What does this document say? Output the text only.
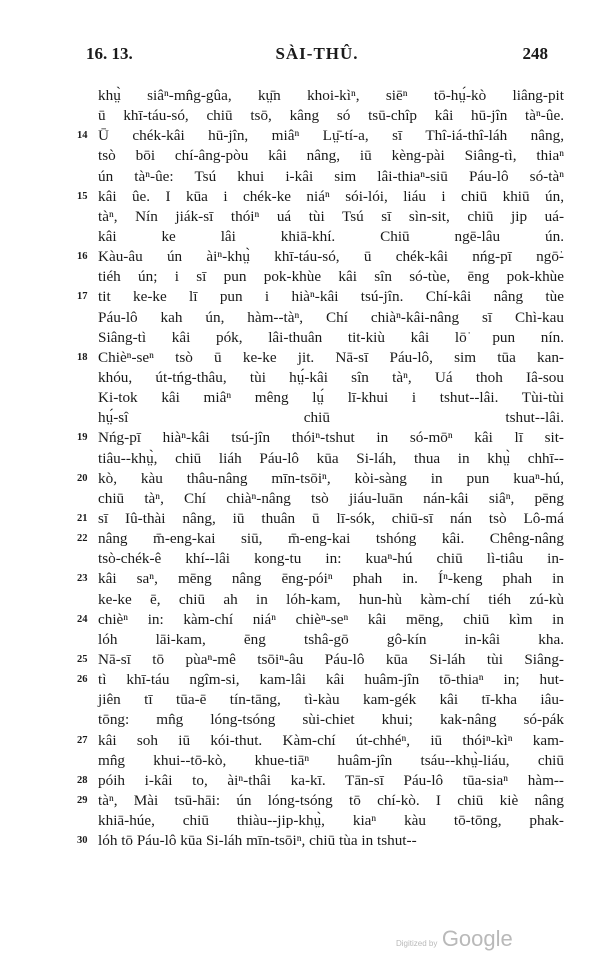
16. 13.	SÀI-THÛ.	248
khṳ̀ siâⁿ-mn̂g-gûa, kṳ̄n khoi-kìⁿ, siēⁿ tō-hṳ́-kò liâng-pit
ū khī-táu-só, chiū tsō, kâng só tsū-chîp kâi hū-jîn tàⁿ-ûe.
14 Ū chék-kâi hū-jîn, miâⁿ Lṳ̄-tí-a, sī Thî-iá-thî-láh nâng,
tsò bōi chí-âng-pòu kâi nâng, iū kèng-pài Siâng-tì, thiaⁿ
ún tàⁿ-ûe: Tsú khui i-kâi sim lâi-thiaⁿ-siū Páu-lô só-tàⁿ
15 kâi ûe. I kūa i chék-ke niáⁿ sói-lói, liáu i chiū khiū ún,
tàⁿ, Nín jiák-sī thóiⁿ uá tùi Tsú sī sìn-sit, chiū jip uá-
kâi ke lâi khiā-khí. Chiū ngē-lâu ún.
16 Kàu-âu ún àiⁿ-khṳ̀ khī-táu-só, ū chék-kâi nńg-pī ngō͘-
tiéh ún; i sī pun pok-khùe kâi sîn só-tùe, ēng pok-khùe
17 tit ke-ke lī pun i hiàⁿ-kâi tsú-jîn. Chí-kâi nâng tùe
Páu-lô kah ún, hàm--tàⁿ, Chí chiàⁿ-kâi-nâng sī Chì-kau
Siâng-tì kâi pók, lâi-thuân tit-kiù kâi lō͘ pun nín.
18 Chièⁿ-seⁿ tsò ū ke-ke jit. Nā-sī Páu-lô, sim tūa kan-
khóu, út-tńg-thâu, tùi hṳ́-kâi sîn tàⁿ, Uá thoh Iâ-sou
Ki-tok kâi miâⁿ mêng lṳ́ lī-khui i tshut--lâi. Tùi-tùi
hṳ́-sî chiū tshut--lâi.
19 Nńg-pī hiàⁿ-kâi tsú-jîn thóiⁿ-tshut in só-mōⁿ kâi lī sit-
tiâu--khṳ̀, chiū liáh Páu-lô kūa Si-láh, thua in khṳ̀ chhī--
20 kò, kàu thâu-nâng mīn-tsōiⁿ, kòi-sàng in pun kuaⁿ-hú,
chiū tàⁿ, Chí chiàⁿ-nâng tsò jiáu-luān nán-kâi siâⁿ, pēng
21 sī Iû-thài nâng, iū thuân ū lī-sók, chiū-sī nán tsò Lô-má
22 nâng m̄-eng-kai siū, m̄-eng-kai tshóng kâi. Chêng-nâng
tsò-chék-ê khí--lâi kong-tu in: kuaⁿ-hú chiū lì-tiâu in-
23 kâi saⁿ, mēng nâng ēng-póiⁿ phah in. Íⁿ-keng phah in
ke-ke ē, chiū ah in lóh-kam, hun-hù kàm-chí tiéh zú-kù
24 chièⁿ in: kàm-chí niáⁿ chièⁿ-seⁿ kâi mēng, chiū kìm in
lóh lāi-kam, ēng tshâ-gō gô-kín in-kâi kha.
25 Nā-sī tō pùaⁿ-mê tsōiⁿ-âu Páu-lô kūa Si-láh tùi Siâng-
26 tì khī-táu ngîm-si, kam-lâi kâi huâm-jîn tō-thiaⁿ in; hut-
jiên tī tūa-ē tín-tāng, tì-kàu kam-gék kâi tī-kha iâu-
tōng: mn̂g lóng-tsóng sùi-chiet khui; kak-nâng só-pák
27 kâi soh iū kói-thut. Kàm-chí út-chhéⁿ, iū thóiⁿ-kìⁿ kam-
mn̂g khui--tō-kò, khue-tiāⁿ huâm-jîn tsáu--khṳ̀-liáu, chiū
28 póih i-kâi to, àiⁿ-thâi ka-kī. Tān-sī Páu-lô tūa-siaⁿ hàm--
29 tàⁿ, Mài tsū-hāi: ún lóng-tsóng tō chí-kò. I chiū kiè nâng
khiā-húe, chiū thiàu--jip-khṳ̀, kiaⁿ kàu tō-tōng, phak-
30 lóh tō Páu-lô kūa Si-láh mīn-tsōiⁿ, chiū tùa in tshut--
Digitized by Google
